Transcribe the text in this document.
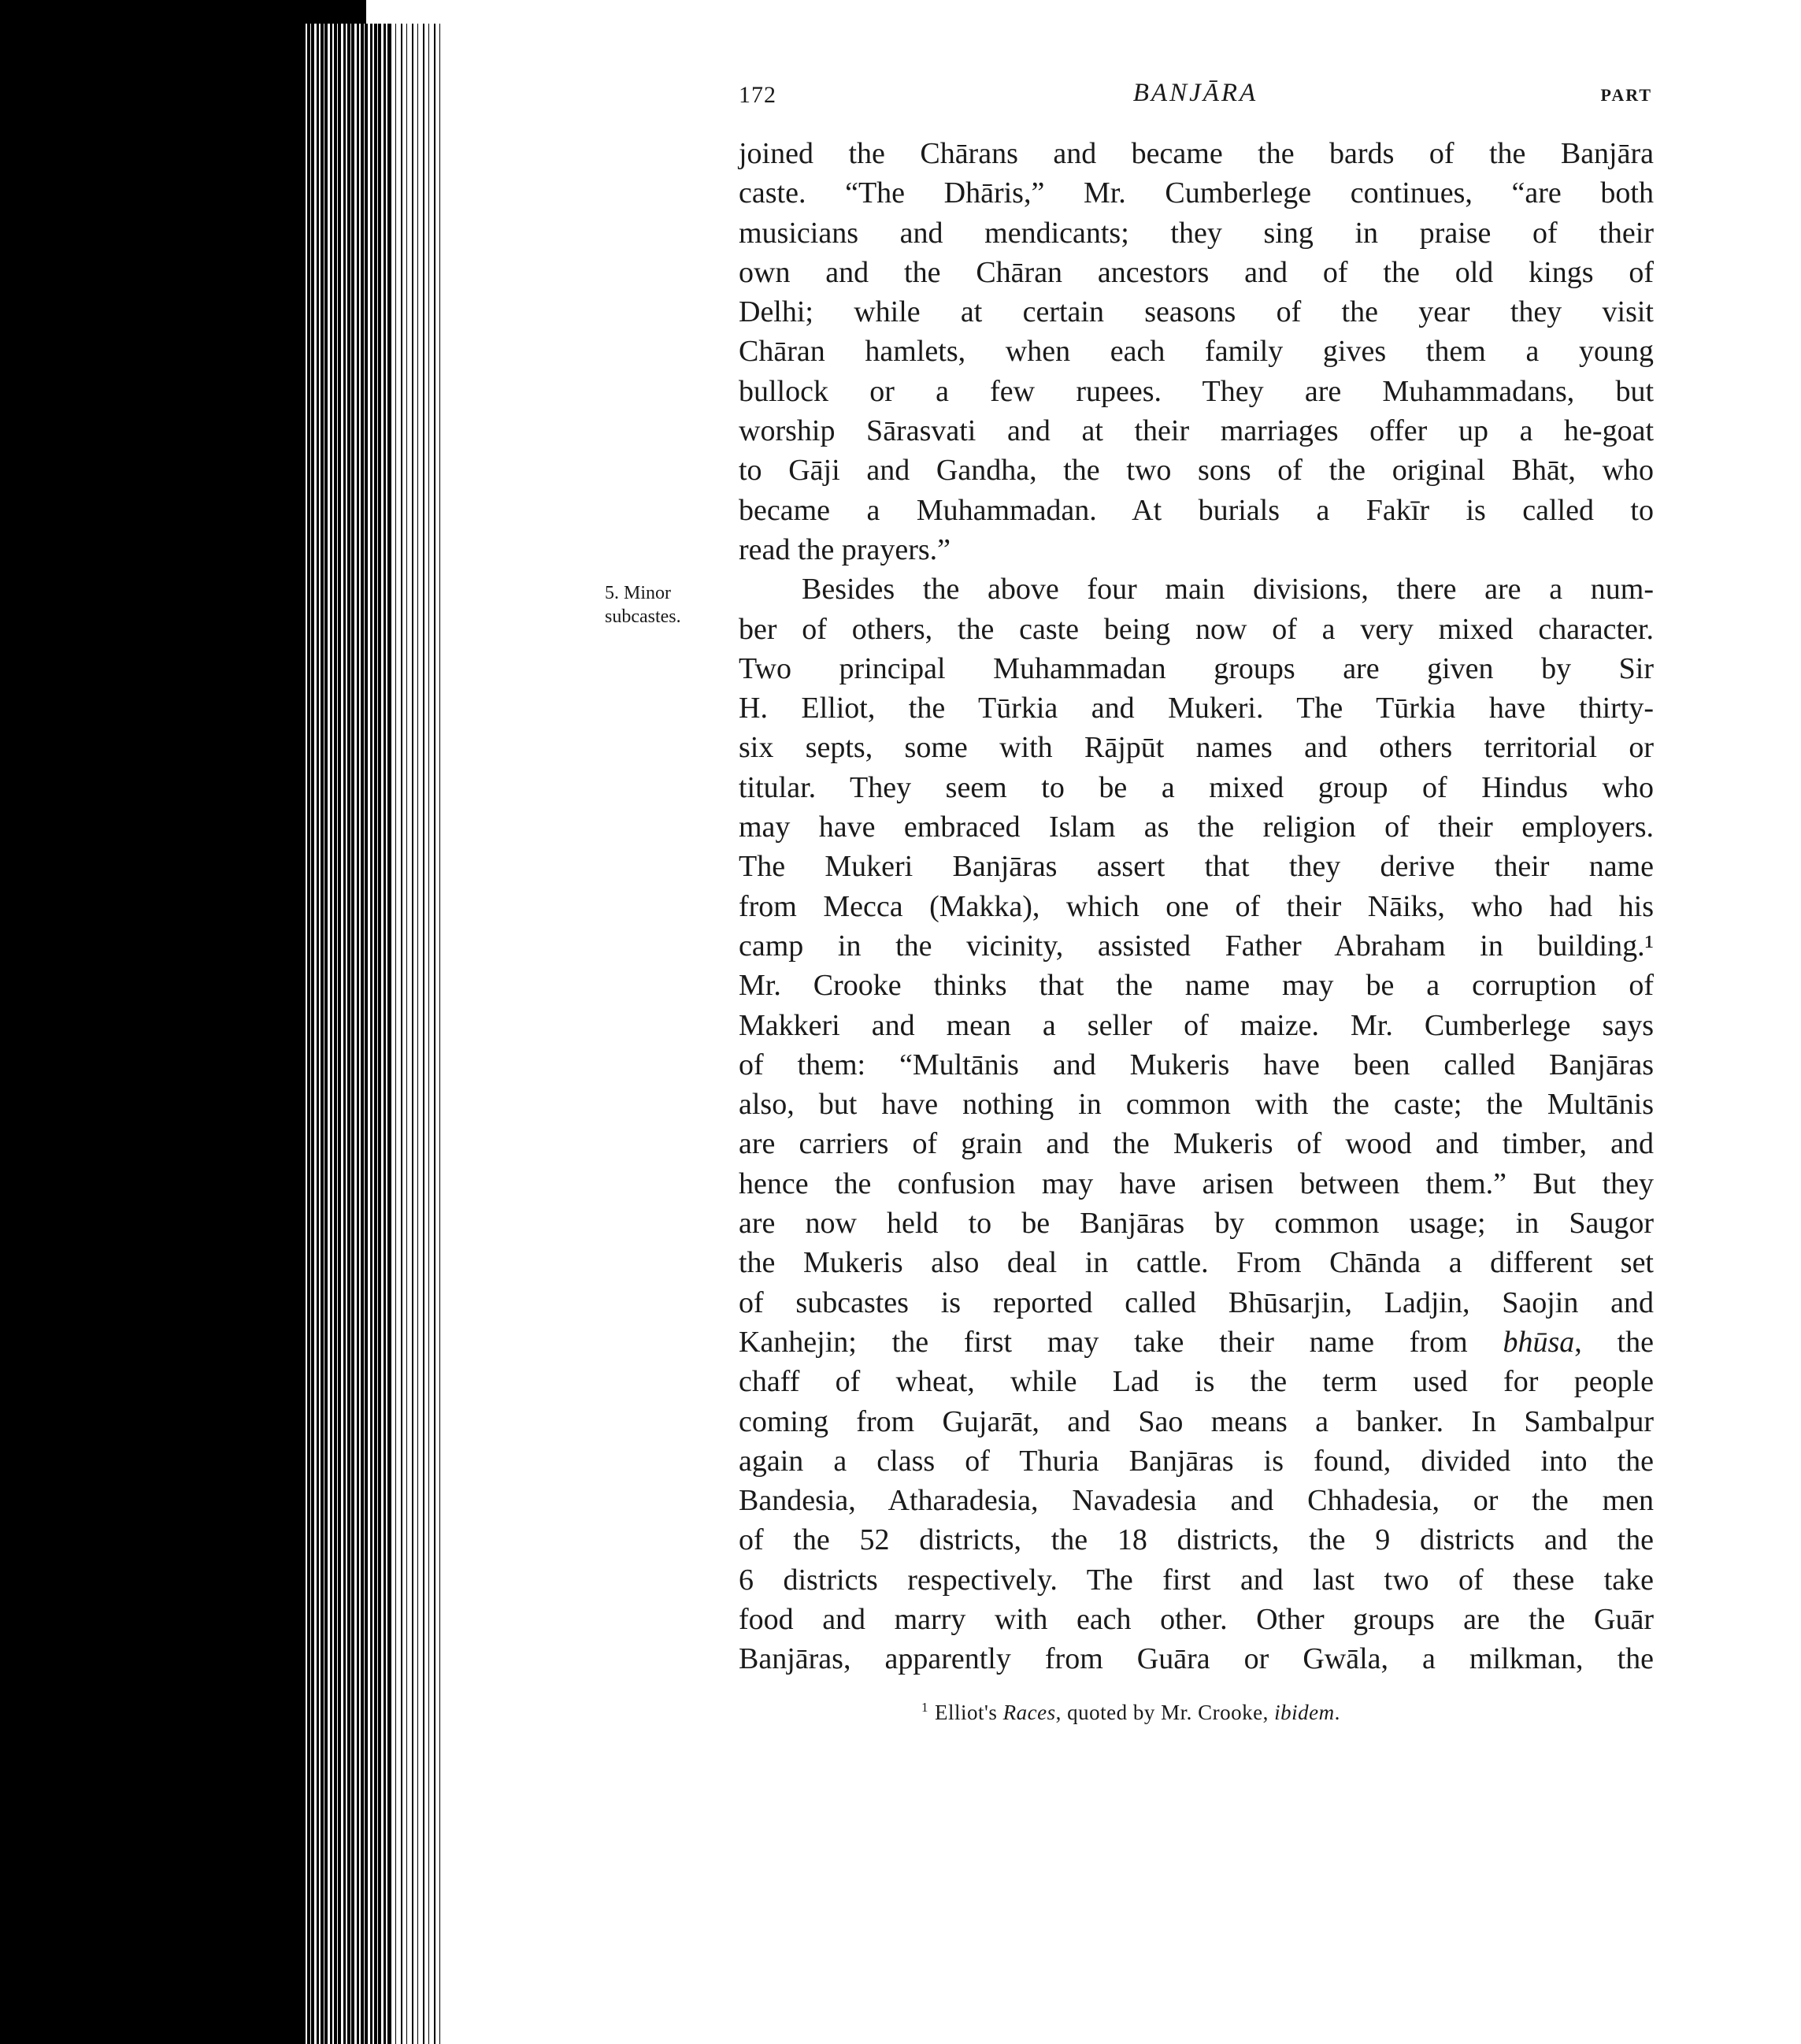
172	BANJĀRA	PART
5. Minor
subcastes.
joined the Chārans and became the bards of the Banjāra
caste. “The Dhāris,” Mr. Cumberlege continues, “are both
musicians and mendicants; they sing in praise of their
own and the Chāran ancestors and of the old kings of
Delhi; while at certain seasons of the year they visit
Chāran hamlets, when each family gives them a young
bullock or a few rupees. They are Muhammadans, but
worship Sārasvati and at their marriages offer up a he-goat
to Gāji and Gandha, the two sons of the original Bhāt, who
became a Muhammadan. At burials a Fakīr is called to
read the prayers.”
Besides the above four main divisions, there are a num-
ber of others, the caste being now of a very mixed character.
Two principal Muhammadan groups are given by Sir
H. Elliot, the Tūrkia and Mukeri. The Tūrkia have thirty-
six septs, some with Rājpūt names and others territorial or
titular. They seem to be a mixed group of Hindus who
may have embraced Islam as the religion of their employers.
The Mukeri Banjāras assert that they derive their name
from Mecca (Makka), which one of their Nāiks, who had his
camp in the vicinity, assisted Father Abraham in building.¹
Mr. Crooke thinks that the name may be a corruption of
Makkeri and mean a seller of maize. Mr. Cumberlege says
of them: “Multānis and Mukeris have been called Banjāras
also, but have nothing in common with the caste; the Multānis
are carriers of grain and the Mukeris of wood and timber, and
hence the confusion may have arisen between them.” But they
are now held to be Banjāras by common usage; in Saugor
the Mukeris also deal in cattle. From Chānda a different set
of subcastes is reported called Bhūsarjin, Ladjin, Saojin and
Kanhejin; the first may take their name from bhūsa, the
chaff of wheat, while Lad is the term used for people
coming from Gujarāt, and Sao means a banker. In Sambalpur
again a class of Thuria Banjāras is found, divided into the
Bandesia, Atharadesia, Navadesia and Chhadesia, or the men
of the 52 districts, the 18 districts, the 9 districts and the
6 districts respectively. The first and last two of these take
food and marry with each other. Other groups are the Guār
Banjāras, apparently from Guāra or Gwāla, a milkman, the
$^1$ Elliot's Races, quoted by Mr. Crooke, ibidem.
